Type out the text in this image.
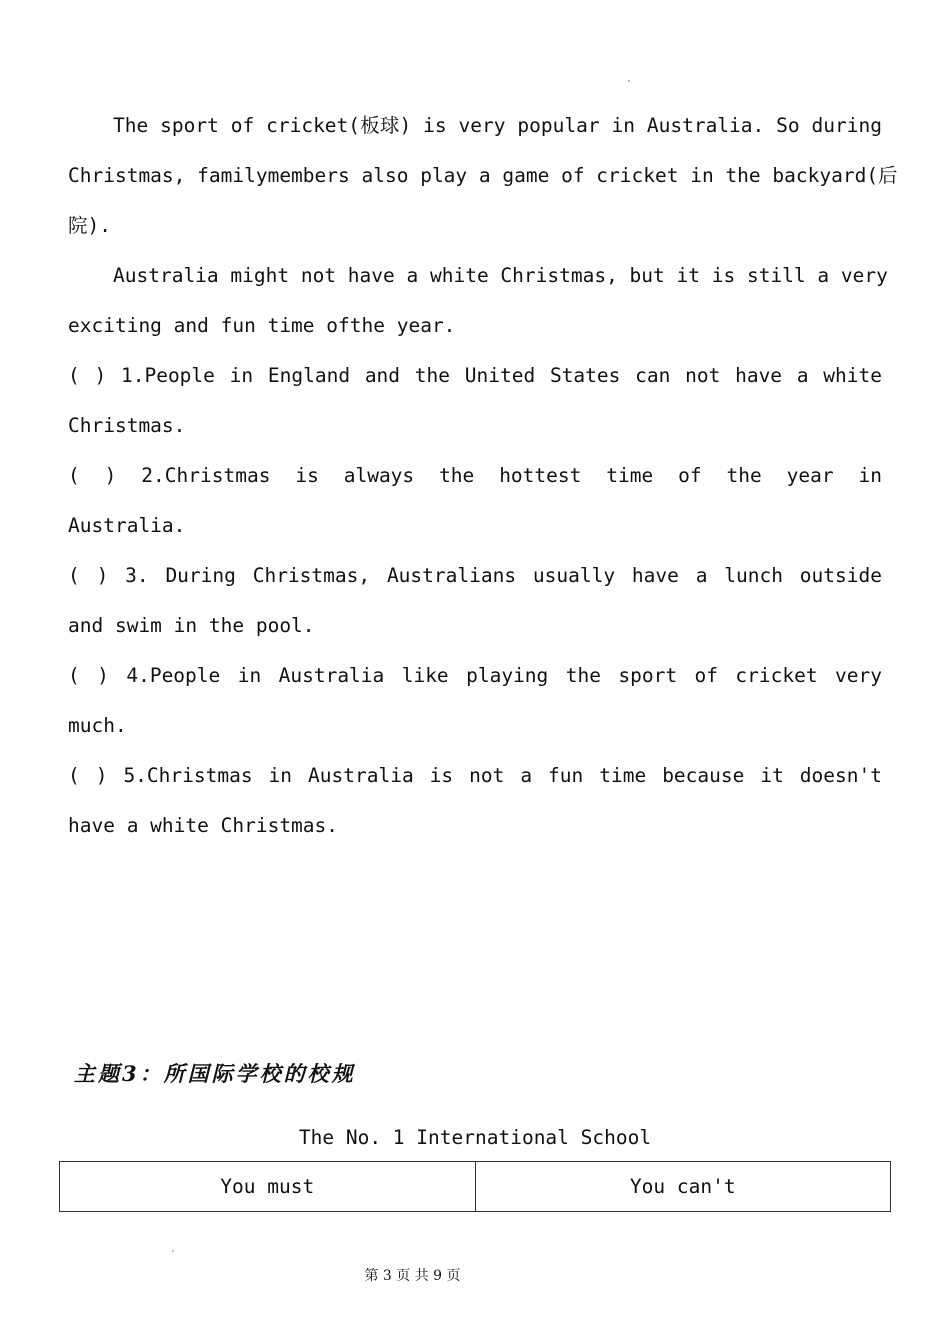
The sport of cricket(板球) is very popular in Australia. So during
Christmas, familymembers also play a game of cricket in the backyard(后
院).
Australia might not have a white Christmas, but it is still a very
exciting and fun time ofthe year.
( ) 1.People in England and the United States can not have a white
Christmas.
( ) 2.Christmas is always the hottest time of the year in
Australia.
( ) 3. During Christmas, Australians usually have a lunch outside
and swim in the pool.
( ) 4.People in Australia like playing the sport of cricket very
much.
( ) 5.Christmas in Australia is not a fun time because it doesn't
have a white Christmas.
主题3：所国际学校的校规
The No. 1 International School
You must	You can't
第 3 页 共 9 页
